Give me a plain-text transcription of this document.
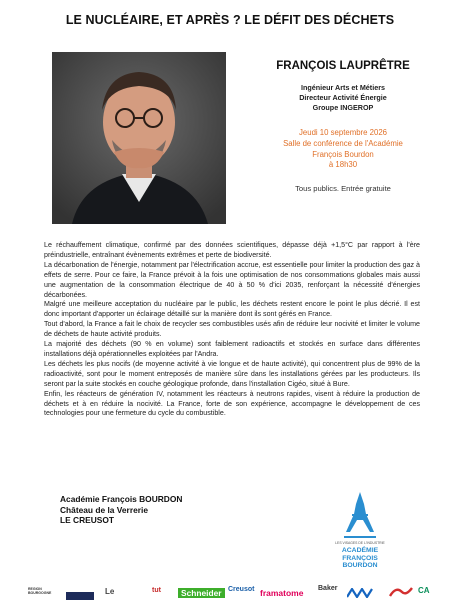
LE NUCLÉAIRE, ET APRÈS ? LE DÉFIT DES DÉCHETS
FRANÇOIS LAUPRÊTRE
Ingénieur Arts et Métiers
Directeur Activité Énergie
Groupe INGEROP
Jeudi 10 septembre 2026
Salle de conférence de l'Académie
François Bourdon
à 18h30
Tous publics. Entrée gratuite

Le réchauffement climatique, confirmé par des données scientifiques, dépasse déjà +1,5°C par rapport à l'ère préindustrielle, entraînant évènements extrêmes et perte de biodiversité.

La décarbonation de l'énergie, notamment par l'électrification accrue, est essentielle pour limiter la production des gaz à effets de serre. Pour ce faire, la France prévoit à la fois une optimisation de nos consommations globales mais aussi une augmentation de la consommation électrique de 40 à 50 % d'ici 2035, renforçant la nécessité d'énergies décarbonées.

Malgré une meilleure acceptation du nucléaire par le public, les déchets restent encore le point le plus décrié. Il est donc important d'apporter un éclairage détaillé sur la manière dont ils sont gérés en France.

Tout d'abord, la France a fait le choix de recycler ses combustibles usés afin de réduire leur nocivité et limiter le volume de déchets de haute activité produits.

La majorité des déchets (90 % en volume) sont faiblement radioactifs et stockés en surface dans différentes installations déjà opérationnelles exploitées par l'Andra.

Les déchets les plus nocifs (de moyenne activité à vie longue et de haute activité), qui concentrent plus de 99% de la radioactivité, sont pour le moment entreposés de manière sûre dans les installations gérées par les producteurs. Ils seront par la suite stockés en couche géologique profonde, dans l'installation Cigéo, situé à Bure.

Enfin, les réacteurs de génération IV, notamment les réacteurs à neutrons rapides, visent à réduire la production de déchets et à en réduire la nocivité. La France, forte de son expérience, accompagne le développement de ces technologies pour une fermeture du cycle du combustible.

Académie François BOURDON
Château de la Verrerie
LE CREUSOT
LES VISAGES DE L'INDUSTRIE
ACADÉMIE
FRANÇOIS
BOURDON
REGION BOURGOGNE	Le	tut	Schneider Creusot framatome Baker	CA
